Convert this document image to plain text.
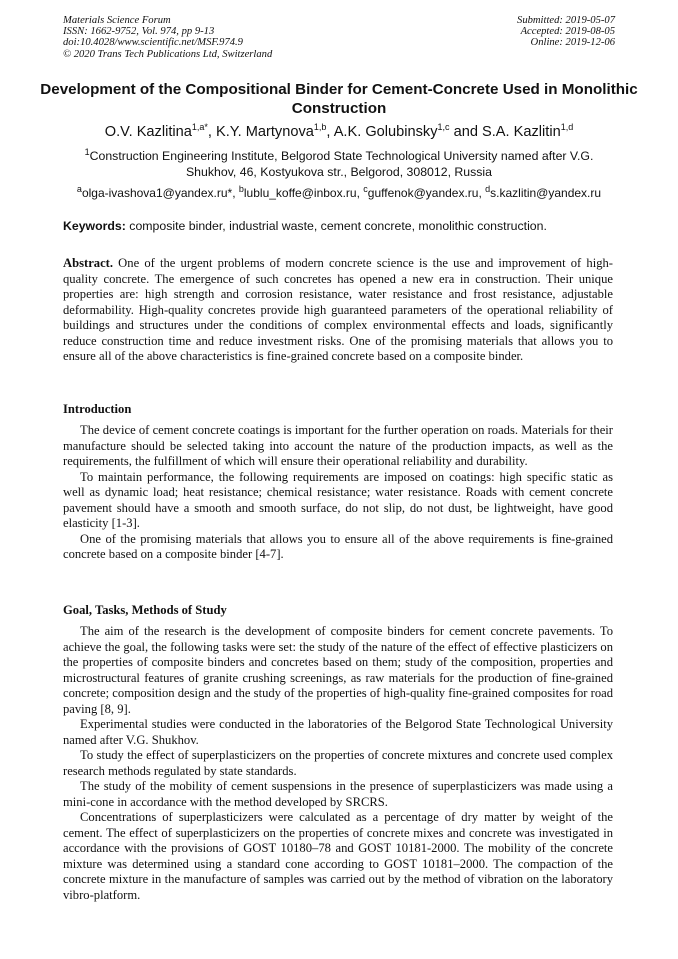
Materials Science Forum
ISSN: 1662-9752, Vol. 974, pp 9-13
doi:10.4028/www.scientific.net/MSF.974.9
© 2020 Trans Tech Publications Ltd, Switzerland
Submitted: 2019-05-07
Accepted: 2019-08-05
Online: 2019-12-06
Development of the Compositional Binder for Cement-Concrete Used in Monolithic Construction
O.V. Kazlitina$^{1,a*}$, K.Y. Martynova$^{1,b}$, A.K. Golubinsky$^{1,c}$ and S.A. Kazlitin$^{1,d}$
$^1$Construction Engineering Institute, Belgorod State Technological University named after V.G. Shukhov, 46, Kostyukova str., Belgorod, 308012, Russia
$^a$olga-ivashova1@yandex.ru*, $^b$lublu_koffe@inbox.ru, $^c$guffenok@yandex.ru, $^d$s.kazlitin@yandex.ru
Keywords: composite binder, industrial waste, cement concrete, monolithic construction.

Abstract. One of the urgent problems of modern concrete science is the use and improvement of high-quality concrete. The emergence of such concretes has opened a new era in construction. Their unique properties are: high strength and corrosion resistance, water resistance and frost resistance, adjustable deformability. High-quality concretes provide high guaranteed parameters of the operational reliability of buildings and structures under the conditions of complex environmental effects and loads, significantly reduce construction time and reduce investment risks. One of the promising materials that allows you to ensure all of the above characteristics is fine-grained concrete based on a composite binder.

Introduction

The device of cement concrete coatings is important for the further operation on roads. Materials for their manufacture should be selected taking into account the nature of the production impacts, as well as the requirements, the fulfillment of which will ensure their operational reliability and durability.

To maintain performance, the following requirements are imposed on coatings: high specific static as well as dynamic load; heat resistance; chemical resistance; water resistance. Roads with cement concrete pavement should have a smooth and smooth surface, do not slip, do not dust, be lightweight, have good elasticity [1-3].

One of the promising materials that allows you to ensure all of the above requirements is fine-grained concrete based on a composite binder [4-7].

Goal, Tasks, Methods of Study

The aim of the research is the development of composite binders for cement concrete pavements. To achieve the goal, the following tasks were set: the study of the nature of the effect of effective plasticizers on the properties of composite binders and concretes based on them; study of the composition, properties and microstructural features of granite crushing screenings, as raw materials for the production of fine-grained concrete; composition design and the study of the properties of high-quality fine-grained composites for road paving [8, 9].

Experimental studies were conducted in the laboratories of the Belgorod State Technological University named after V.G. Shukhov.

To study the effect of superplasticizers on the properties of concrete mixtures and concrete used complex research methods regulated by state standards.

The study of the mobility of cement suspensions in the presence of superplasticizers was made using a mini-cone in accordance with the method developed by SRCRS.

Concentrations of superplasticizers were calculated as a percentage of dry matter by weight of the cement. The effect of superplasticizers on the properties of concrete mixes and concrete was investigated in accordance with the provisions of GOST 10180–78 and GOST 10181-2000. The mobility of the concrete mixture was determined using a standard cone according to GOST 10181–2000. The compaction of the concrete mixture in the manufacture of samples was carried out by the method of vibration on the laboratory vibro-platform.
